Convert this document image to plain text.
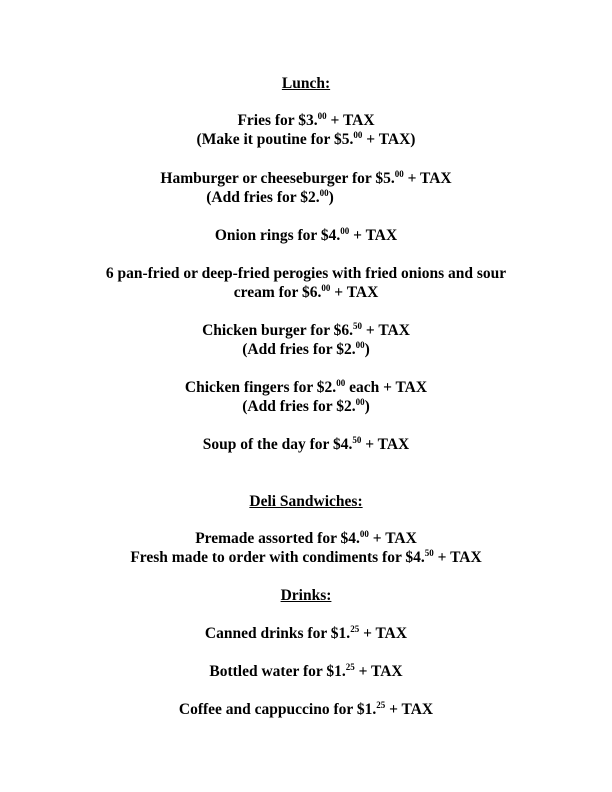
Lunch:
Fries for $3.00 + TAX
(Make it poutine for $5.00 + TAX)
Hamburger or cheeseburger for $5.00 + TAX
(Add fries for $2.00)
Onion rings for $4.00 + TAX
6 pan-fried or deep-fried perogies with fried onions and sour
cream for $6.00 + TAX
Chicken burger for $6.50 + TAX
(Add fries for $2.00)
Chicken fingers for $2.00 each + TAX
(Add fries for $2.00)
Soup of the day for $4.50 + TAX
Deli Sandwiches:
Premade assorted for $4.00 + TAX
Fresh made to order with condiments for $4.50 + TAX
Drinks:
Canned drinks for $1.25 + TAX
Bottled water for $1.25 + TAX
Coffee and cappuccino for $1.25 + TAX
